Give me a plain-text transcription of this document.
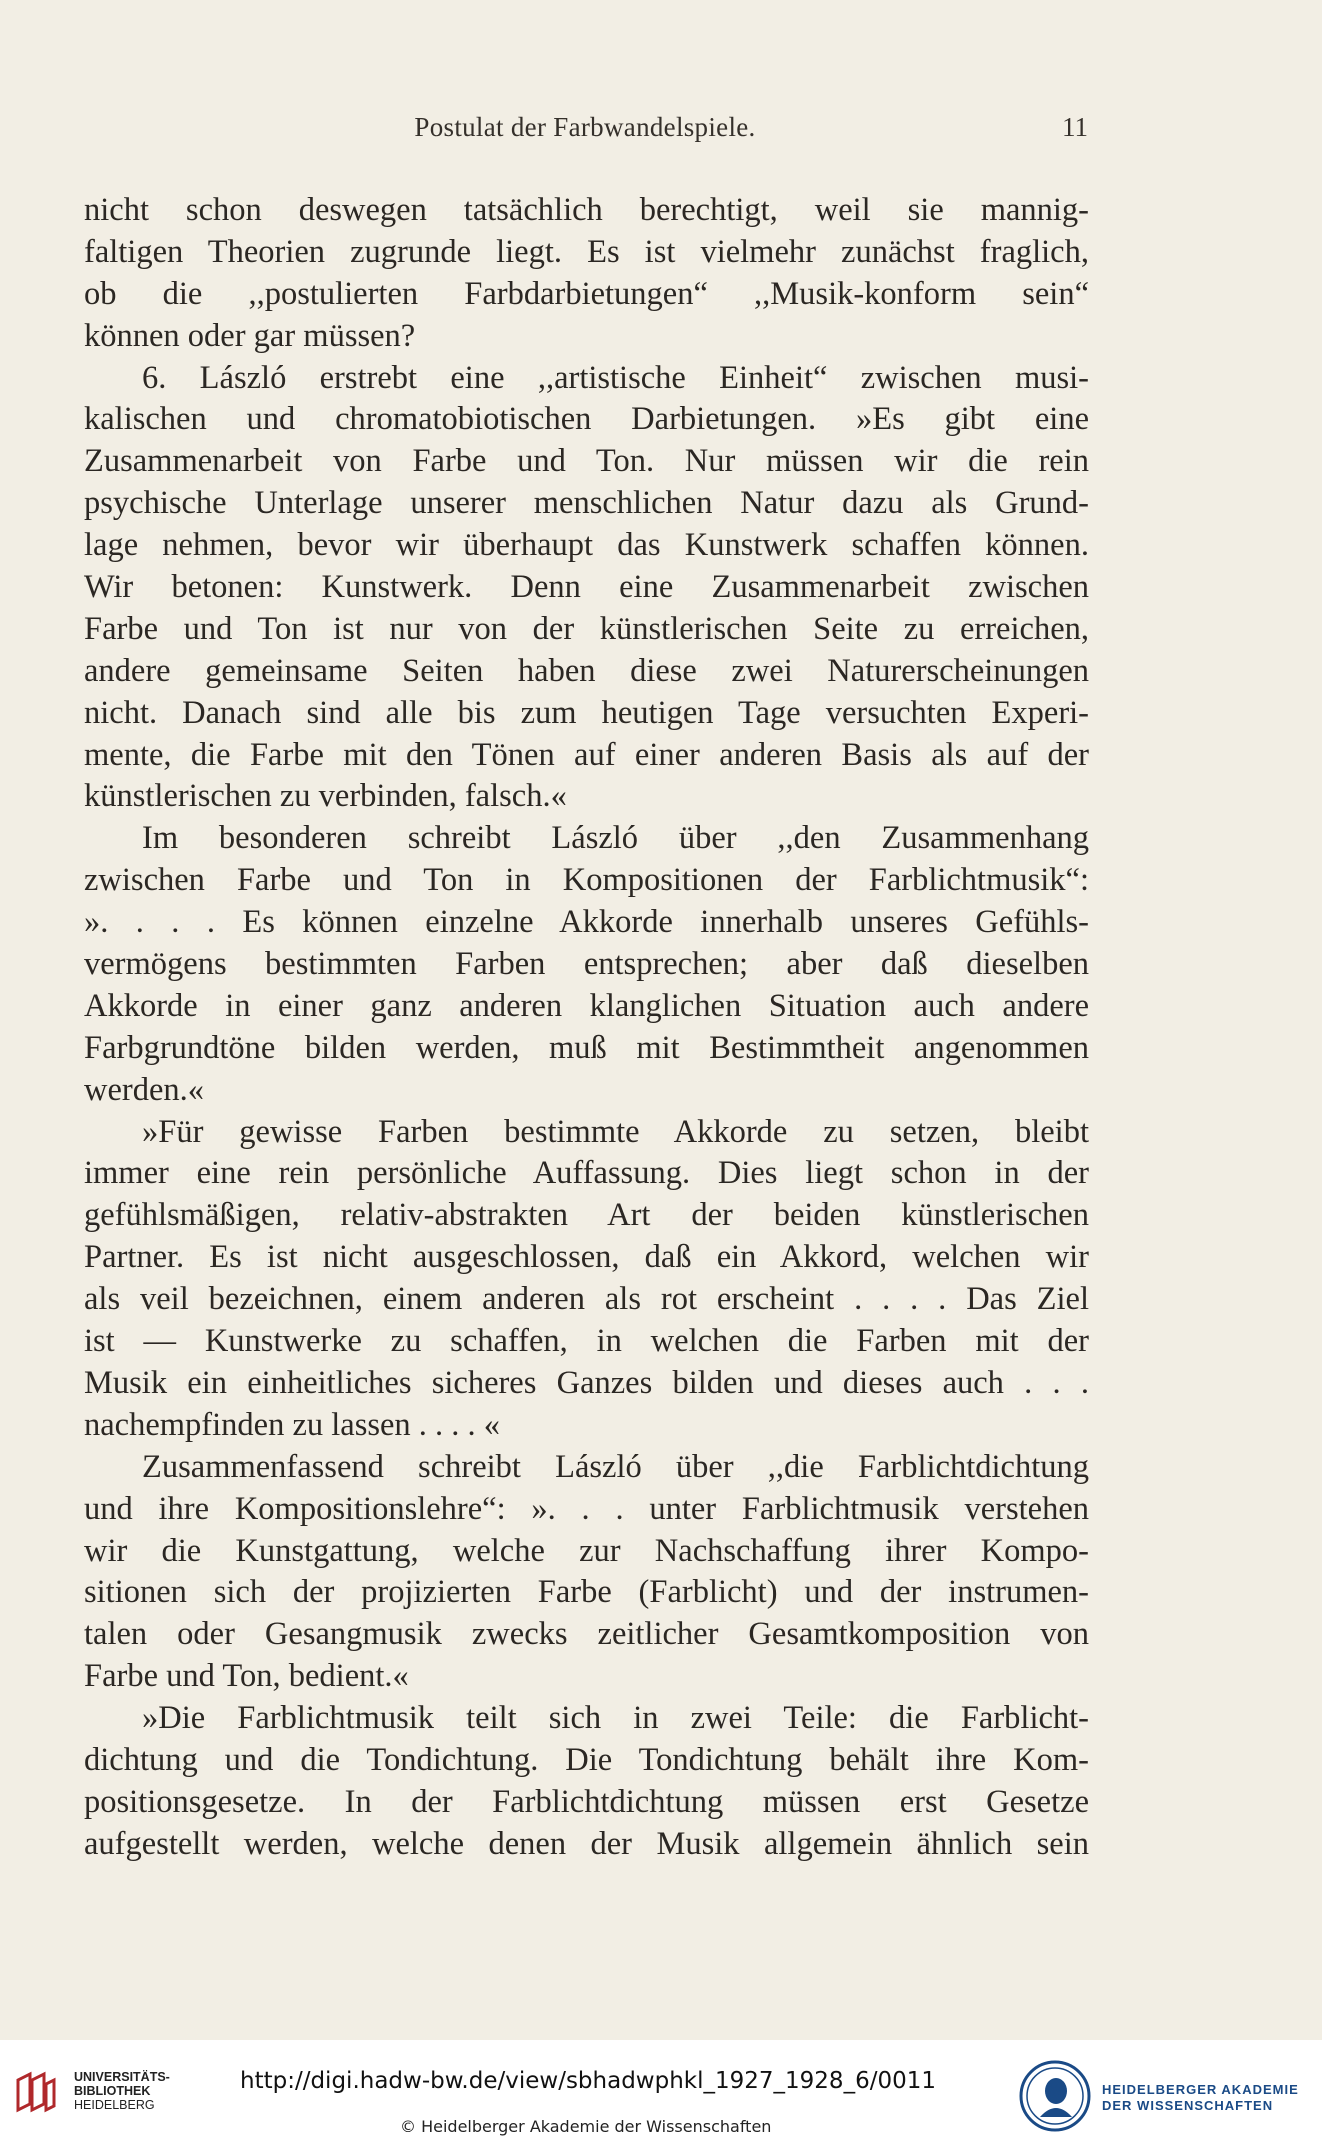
Postulat der Farbwandelspiele.	11
nicht schon deswegen tatsächlich berechtigt, weil sie mannig-
faltigen Theorien zugrunde liegt. Es ist vielmehr zunächst fraglich,
ob die ,,postulierten Farbdarbietungen“ ,,Musik-konform sein“
können oder gar müssen?
6. László erstrebt eine ,,artistische Einheit“ zwischen musi-
kalischen und chromatobiotischen Darbietungen. »Es gibt eine
Zusammenarbeit von Farbe und Ton. Nur müssen wir die rein
psychische Unterlage unserer menschlichen Natur dazu als Grund-
lage nehmen, bevor wir überhaupt das Kunstwerk schaffen können.
Wir betonen: Kunstwerk. Denn eine Zusammenarbeit zwischen
Farbe und Ton ist nur von der künstlerischen Seite zu erreichen,
andere gemeinsame Seiten haben diese zwei Naturerscheinungen
nicht. Danach sind alle bis zum heutigen Tage versuchten Experi-
mente, die Farbe mit den Tönen auf einer anderen Basis als auf der
künstlerischen zu verbinden, falsch.«
Im besonderen schreibt László über ,,den Zusammenhang
zwischen Farbe und Ton in Kompositionen der Farblichtmusik“:
». . . . Es können einzelne Akkorde innerhalb unseres Gefühls-
vermögens bestimmten Farben entsprechen; aber daß dieselben
Akkorde in einer ganz anderen klanglichen Situation auch andere
Farbgrundtöne bilden werden, muß mit Bestimmtheit angenommen
werden.«
»Für gewisse Farben bestimmte Akkorde zu setzen, bleibt
immer eine rein persönliche Auffassung. Dies liegt schon in der
gefühlsmäßigen, relativ-abstrakten Art der beiden künstlerischen
Partner. Es ist nicht ausgeschlossen, daß ein Akkord, welchen wir
als veil bezeichnen, einem anderen als rot erscheint . . . . Das Ziel
ist — Kunstwerke zu schaffen, in welchen die Farben mit der
Musik ein einheitliches sicheres Ganzes bilden und dieses auch . . .
nachempfinden zu lassen . . . . «
Zusammenfassend schreibt László über ,,die Farblichtdichtung
und ihre Kompositionslehre“: ». . . unter Farblichtmusik verstehen
wir die Kunstgattung, welche zur Nachschaffung ihrer Kompo-
sitionen sich der projizierten Farbe (Farblicht) und der instrumen-
talen oder Gesangmusik zwecks zeitlicher Gesamtkomposition von
Farbe und Ton, bedient.«
»Die Farblichtmusik teilt sich in zwei Teile: die Farblicht-
dichtung und die Tondichtung. Die Tondichtung behält ihre Kom-
positionsgesetze. In der Farblichtdichtung müssen erst Gesetze
aufgestellt werden, welche denen der Musik allgemein ähnlich sein
UNIVERSITÄTS-
BIBLIOTHEK
HEIDELBERG
http://digi.hadw-bw.de/view/sbhadwphkl_1927_1928_6/0011
© Heidelberger Akademie der Wissenschaften
HEIDELBERGER AKADEMIE
DER WISSENSCHAFTEN
